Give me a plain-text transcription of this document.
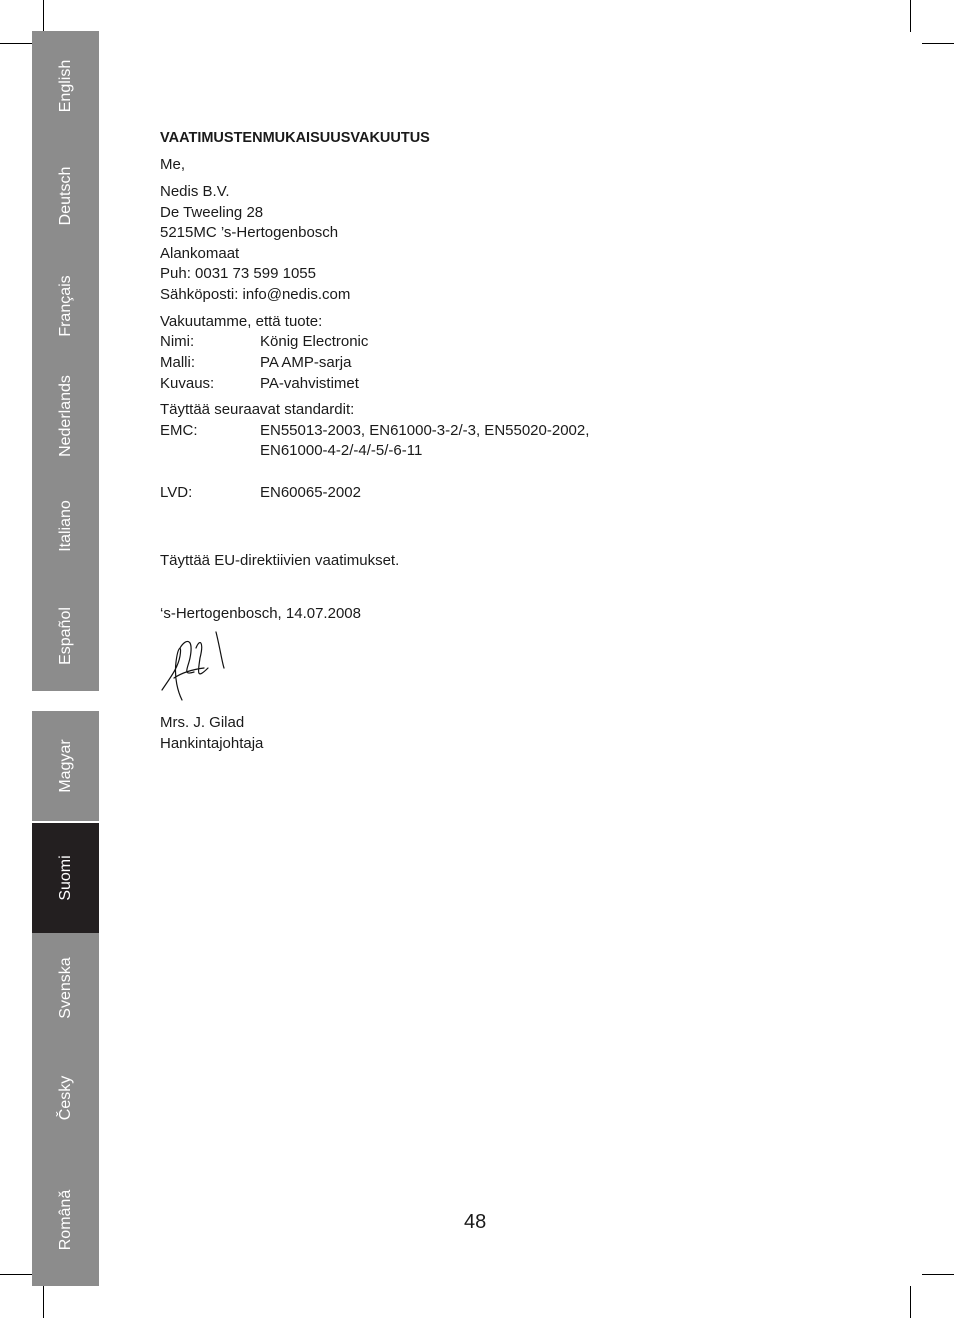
English
Deutsch
Français
Nederlands
Italiano
Español
Magyar
Suomi
Svenska
Česky
Românǎ
VAATIMUSTENMUKAISUUSVAKUUTUS
Me,
Nedis B.V.
De Tweeling 28
5215MC ’s-Hertogenbosch
Alankomaat
Puh: 0031 73 599 1055
Sähköposti: info@nedis.com
Vakuutamme, että tuote:
Nimi:	König Electronic
Malli:	PA AMP-sarja
Kuvaus:	PA-vahvistimet
Täyttää seuraavat standardit:
EMC:	EN55013-2003, EN61000-3-2/-3, EN55020-2002,
EN61000-4-2/-4/-5/-6-11
LVD:	EN60065-2002
Täyttää EU-direktiivien vaatimukset.
‘s-Hertogenbosch, 14.07.2008
Mrs. J. Gilad
Hankintajohtaja
48
